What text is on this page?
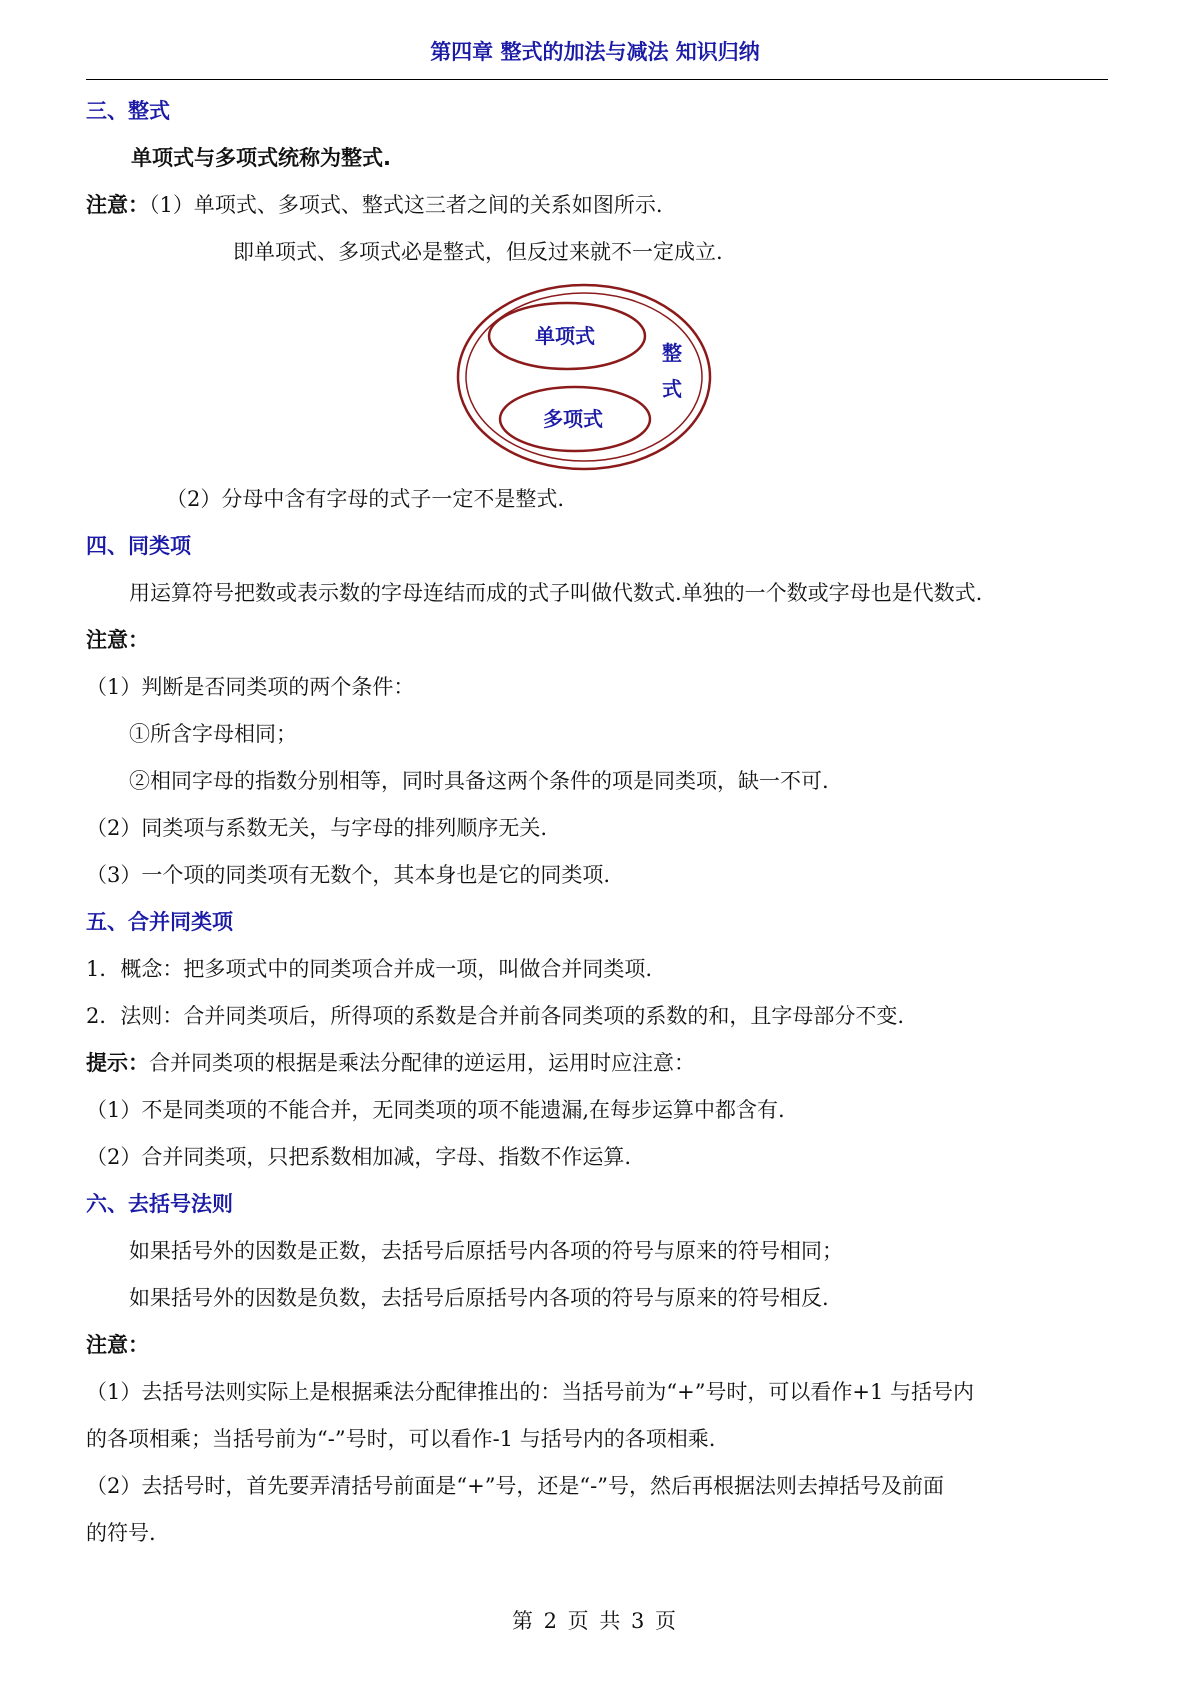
第四章 整式的加法与减法 知识归纳
三、整式
单项式与多项式统称为整式.
注意：（1）单项式、多项式、整式这三者之间的关系如图所示.
即单项式、多项式必是整式，但反过来就不一定成立.
单项式
多项式
整
式
（2）分母中含有字母的式子一定不是整式.
四、同类项
用运算符号把数或表示数的字母连结而成的式子叫做代数式.单独的一个数或字母也是代数式.
注意：
（1）判断是否同类项的两个条件：
①所含字母相同；
②相同字母的指数分别相等，同时具备这两个条件的项是同类项，缺一不可.
（2）同类项与系数无关，与字母的排列顺序无关.
（3）一个项的同类项有无数个，其本身也是它的同类项.
五、合并同类项
1．概念：把多项式中的同类项合并成一项，叫做合并同类项.
2．法则：合并同类项后，所得项的系数是合并前各同类项的系数的和，且字母部分不变.
提示：合并同类项的根据是乘法分配律的逆运用，运用时应注意：
（1）不是同类项的不能合并，无同类项的项不能遗漏,在每步运算中都含有.
（2）合并同类项，只把系数相加减，字母、指数不作运算.
六、去括号法则
如果括号外的因数是正数，去括号后原括号内各项的符号与原来的符号相同；
如果括号外的因数是负数，去括号后原括号内各项的符号与原来的符号相反.
注意：
（1）去括号法则实际上是根据乘法分配律推出的：当括号前为“+”号时，可以看作+1 与括号内
的各项相乘；当括号前为“-”号时，可以看作-1 与括号内的各项相乘.
（2）去括号时，首先要弄清括号前面是“+”号，还是“-”号，然后再根据法则去掉括号及前面
的符号.
第 2 页 共 3 页
